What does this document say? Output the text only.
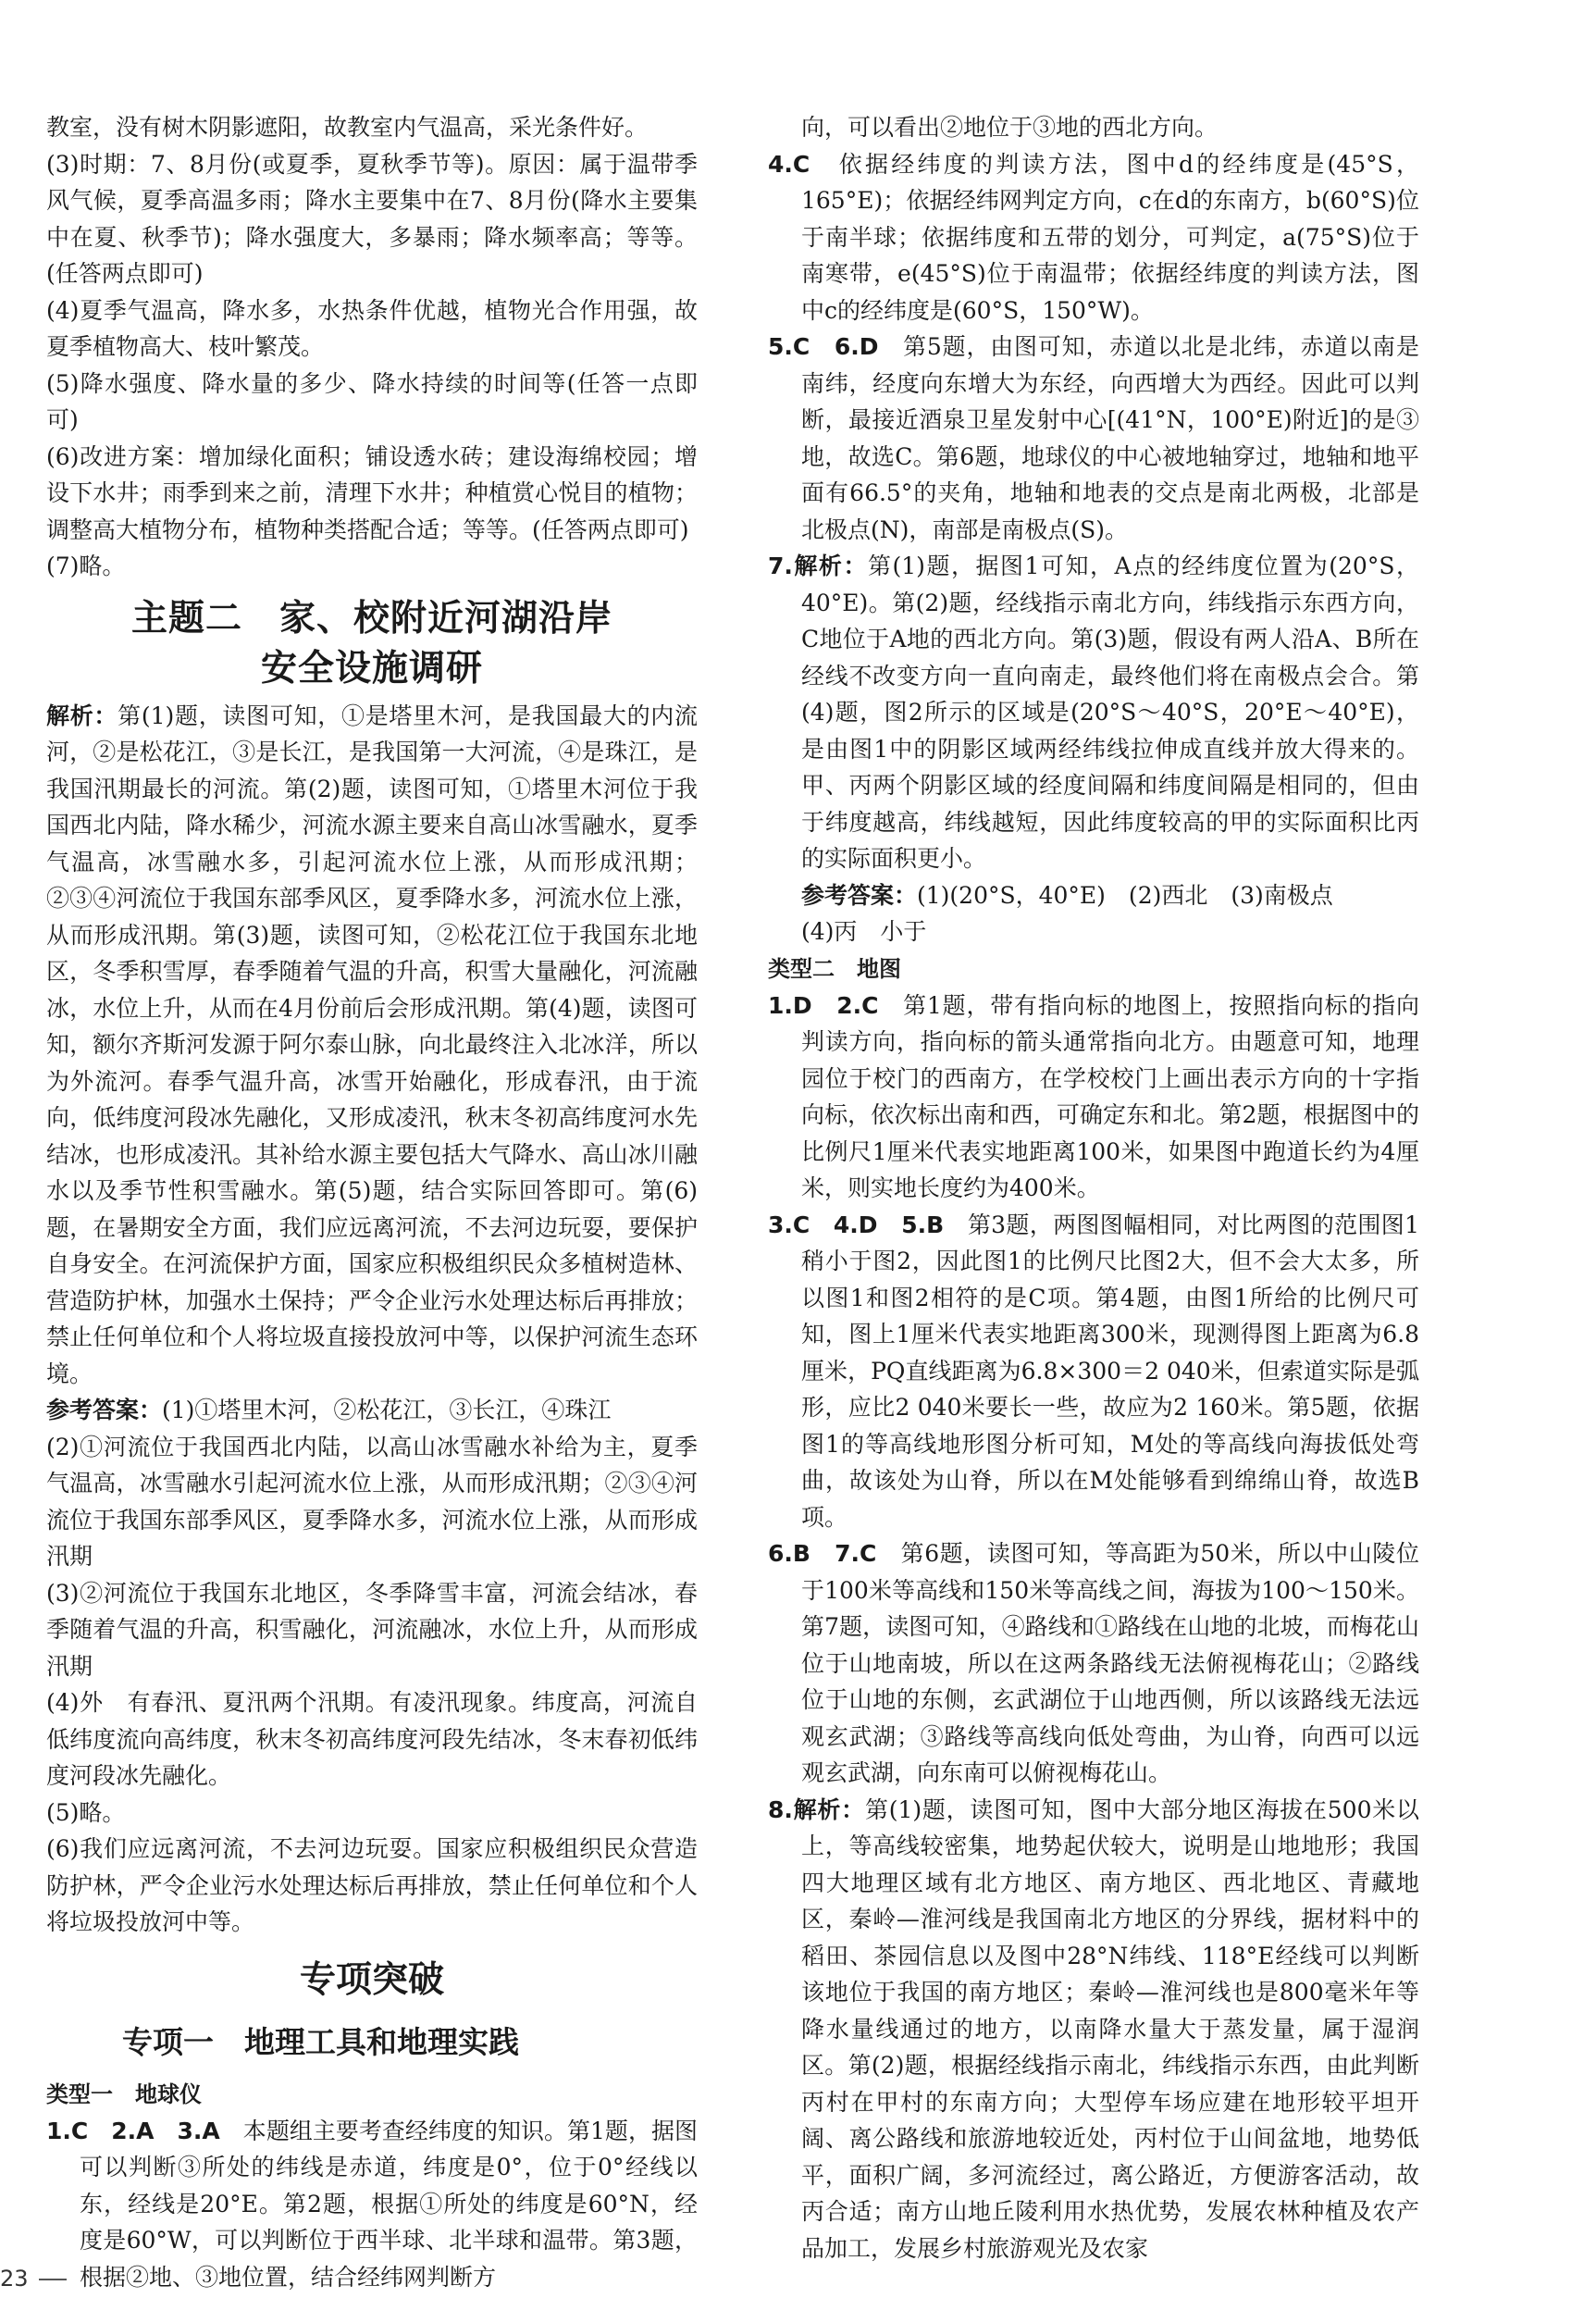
教室，没有树木阴影遮阳，故教室内气温高，采光条件好。

(3)时期：7、8月份(或夏季，夏秋季节等)。原因：属于温带季风气候，夏季高温多雨；降水主要集中在7、8月份(降水主要集中在夏、秋季节)；降水强度大，多暴雨；降水频率高；等等。(任答两点即可)

(4)夏季气温高，降水多，水热条件优越，植物光合作用强，故夏季植物高大、枝叶繁茂。

(5)降水强度、降水量的多少、降水持续的时间等(任答一点即可)

(6)改进方案：增加绿化面积；铺设透水砖；建设海绵校园；增设下水井；雨季到来之前，清理下水井；种植赏心悦目的植物；调整高大植物分布，植物种类搭配合适；等等。(任答两点即可)

(7)略。

主题二　家、校附近河湖沿岸
安全设施调研

解析：第(1)题，读图可知，①是塔里木河，是我国最大的内流河，②是松花江，③是长江，是我国第一大河流，④是珠江，是我国汛期最长的河流。第(2)题，读图可知，①塔里木河位于我国西北内陆，降水稀少，河流水源主要来自高山冰雪融水，夏季气温高，冰雪融水多，引起河流水位上涨，从而形成汛期；②③④河流位于我国东部季风区，夏季降水多，河流水位上涨，从而形成汛期。第(3)题，读图可知，②松花江位于我国东北地区，冬季积雪厚，春季随着气温的升高，积雪大量融化，河流融冰，水位上升，从而在4月份前后会形成汛期。第(4)题，读图可知，额尔齐斯河发源于阿尔泰山脉，向北最终注入北冰洋，所以为外流河。春季气温升高，冰雪开始融化，形成春汛，由于流向，低纬度河段冰先融化，又形成凌汛，秋末冬初高纬度河水先结冰，也形成凌汛。其补给水源主要包括大气降水、高山冰川融水以及季节性积雪融水。第(5)题，结合实际回答即可。第(6)题，在暑期安全方面，我们应远离河流，不去河边玩耍，要保护自身安全。在河流保护方面，国家应积极组织民众多植树造林、营造防护林，加强水土保持；严令企业污水处理达标后再排放；禁止任何单位和个人将垃圾直接投放河中等，以保护河流生态环境。

参考答案：(1)①塔里木河，②松花江，③长江，④珠江

(2)①河流位于我国西北内陆，以高山冰雪融水补给为主，夏季气温高，冰雪融水引起河流水位上涨，从而形成汛期；②③④河流位于我国东部季风区，夏季降水多，河流水位上涨，从而形成汛期

(3)②河流位于我国东北地区，冬季降雪丰富，河流会结冰，春季随着气温的升高，积雪融化，河流融冰，水位上升，从而形成汛期

(4)外　有春汛、夏汛两个汛期。有凌汛现象。纬度高，河流自低纬度流向高纬度，秋末冬初高纬度河段先结冰，冬末春初低纬度河段冰先融化。

(5)略。

(6)我们应远离河流，不去河边玩耍。国家应积极组织民众营造防护林，严令企业污水处理达标后再排放，禁止任何单位和个人将垃圾投放河中等。

专项突破
专项一　地理工具和地理实践
类型一　地球仪

1.C　2.A　3.A　本题组主要考查经纬度的知识。第1题，据图可以判断③所处的纬线是赤道，纬度是0°，位于0°经线以东，经线是20°E。第2题，根据①所处的纬度是60°N，经度是60°W，可以判断位于西半球、北半球和温带。第3题，根据②地、③地位置，结合经纬网判断方

向，可以看出②地位于③地的西北方向。

4.C　依据经纬度的判读方法，图中d的经纬度是(45°S，165°E)；依据经纬网判定方向，c在d的东南方，b(60°S)位于南半球；依据纬度和五带的划分，可判定，a(75°S)位于南寒带，e(45°S)位于南温带；依据经纬度的判读方法，图中c的经纬度是(60°S，150°W)。

5.C　6.D　第5题，由图可知，赤道以北是北纬，赤道以南是南纬，经度向东增大为东经，向西增大为西经。因此可以判断，最接近酒泉卫星发射中心[(41°N，100°E)附近]的是③地，故选C。第6题，地球仪的中心被地轴穿过，地轴和地平面有66.5°的夹角，地轴和地表的交点是南北两极，北部是北极点(N)，南部是南极点(S)。

7.解析：第(1)题，据图1可知，A点的经纬度位置为(20°S，40°E)。第(2)题，经线指示南北方向，纬线指示东西方向，C地位于A地的西北方向。第(3)题，假设有两人沿A、B所在经线不改变方向一直向南走，最终他们将在南极点会合。第(4)题，图2所示的区域是(20°S～40°S，20°E～40°E)，是由图1中的阴影区域两经纬线拉伸成直线并放大得来的。甲、丙两个阴影区域的经度间隔和纬度间隔是相同的，但由于纬度越高，纬线越短，因此纬度较高的甲的实际面积比丙的实际面积更小。

参考答案：(1)(20°S，40°E)　(2)西北　(3)南极点

(4)丙　小于

类型二　地图

1.D　2.C　第1题，带有指向标的地图上，按照指向标的指向判读方向，指向标的箭头通常指向北方。由题意可知，地理园位于校门的西南方，在学校校门上画出表示方向的十字指向标，依次标出南和西，可确定东和北。第2题，根据图中的比例尺1厘米代表实地距离100米，如果图中跑道长约为4厘米，则实地长度约为400米。

3.C　4.D　5.B　第3题，两图图幅相同，对比两图的范围图1稍小于图2，因此图1的比例尺比图2大，但不会大太多，所以图1和图2相符的是C项。第4题，由图1所给的比例尺可知，图上1厘米代表实地距离300米，现测得图上距离为6.8厘米，PQ直线距离为6.8×300＝2 040米，但索道实际是弧形，应比2 040米要长一些，故应为2 160米。第5题，依据图1的等高线地形图分析可知，M处的等高线向海拔低处弯曲，故该处为山脊，所以在M处能够看到绵绵山脊，故选B项。

6.B　7.C　第6题，读图可知，等高距为50米，所以中山陵位于100米等高线和150米等高线之间，海拔为100～150米。第7题，读图可知，④路线和①路线在山地的北坡，而梅花山位于山地南坡，所以在这两条路线无法俯视梅花山；②路线位于山地的东侧，玄武湖位于山地西侧，所以该路线无法远观玄武湖；③路线等高线向低处弯曲，为山脊，向西可以远观玄武湖，向东南可以俯视梅花山。

8.解析：第(1)题，读图可知，图中大部分地区海拔在500米以上，等高线较密集，地势起伏较大，说明是山地地形；我国四大地理区域有北方地区、南方地区、西北地区、青藏地区，秦岭—淮河线是我国南北方地区的分界线，据材料中的稻田、茶园信息以及图中28°N纬线、118°E经线可以判断该地位于我国的南方地区；秦岭—淮河线也是800毫米年等降水量线通过的地方，以南降水量大于蒸发量，属于湿润区。第(2)题，根据经线指示南北，纬线指示东西，由此判断丙村在甲村的东南方向；大型停车场应建在地形较平坦开阔、离公路线和旅游地较近处，丙村位于山间盆地，地势低平，面积广阔，多河流经过，离公路近，方便游客活动，故丙合适；南方山地丘陵利用水热优势，发展农林种植及农产品加工，发展乡村旅游观光及农家

23
